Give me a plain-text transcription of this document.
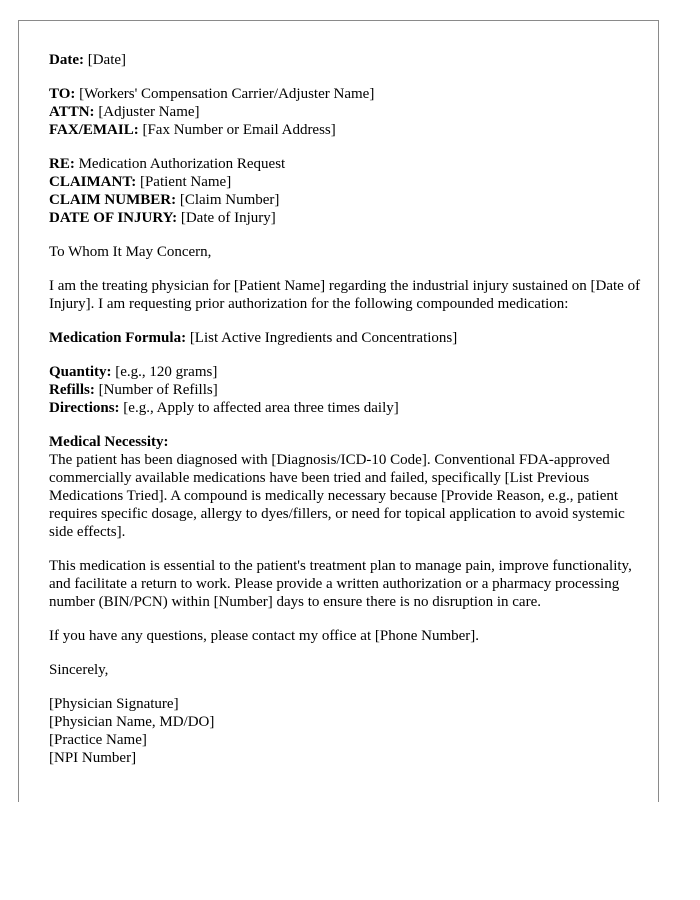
Date: [Date]
TO: [Workers' Compensation Carrier/Adjuster Name]
ATTN: [Adjuster Name]
FAX/EMAIL: [Fax Number or Email Address]
RE: Medication Authorization Request
CLAIMANT: [Patient Name]
CLAIM NUMBER: [Claim Number]
DATE OF INJURY: [Date of Injury]

To Whom It May Concern,

I am the treating physician for [Patient Name] regarding the industrial injury sustained on [Date of Injury]. I am requesting prior authorization for the following compounded medication:

Medication Formula: [List Active Ingredients and Concentrations]
Quantity: [e.g., 120 grams]
Refills: [Number of Refills]
Directions: [e.g., Apply to affected area three times daily]
Medical Necessity:

The patient has been diagnosed with [Diagnosis/ICD-10 Code]. Conventional FDA-approved commercially available medications have been tried and failed, specifically [List Previous Medications Tried]. A compound is medically necessary because [Provide Reason, e.g., patient requires specific dosage, allergy to dyes/fillers, or need for topical application to avoid systemic side effects].

This medication is essential to the patient's treatment plan to manage pain, improve functionality, and facilitate a return to work. Please provide a written authorization or a pharmacy processing number (BIN/PCN) within [Number] days to ensure there is no disruption in care.

If you have any questions, please contact my office at [Phone Number].

Sincerely,

[Physician Signature]
[Physician Name, MD/DO]
[Practice Name]
[NPI Number]
